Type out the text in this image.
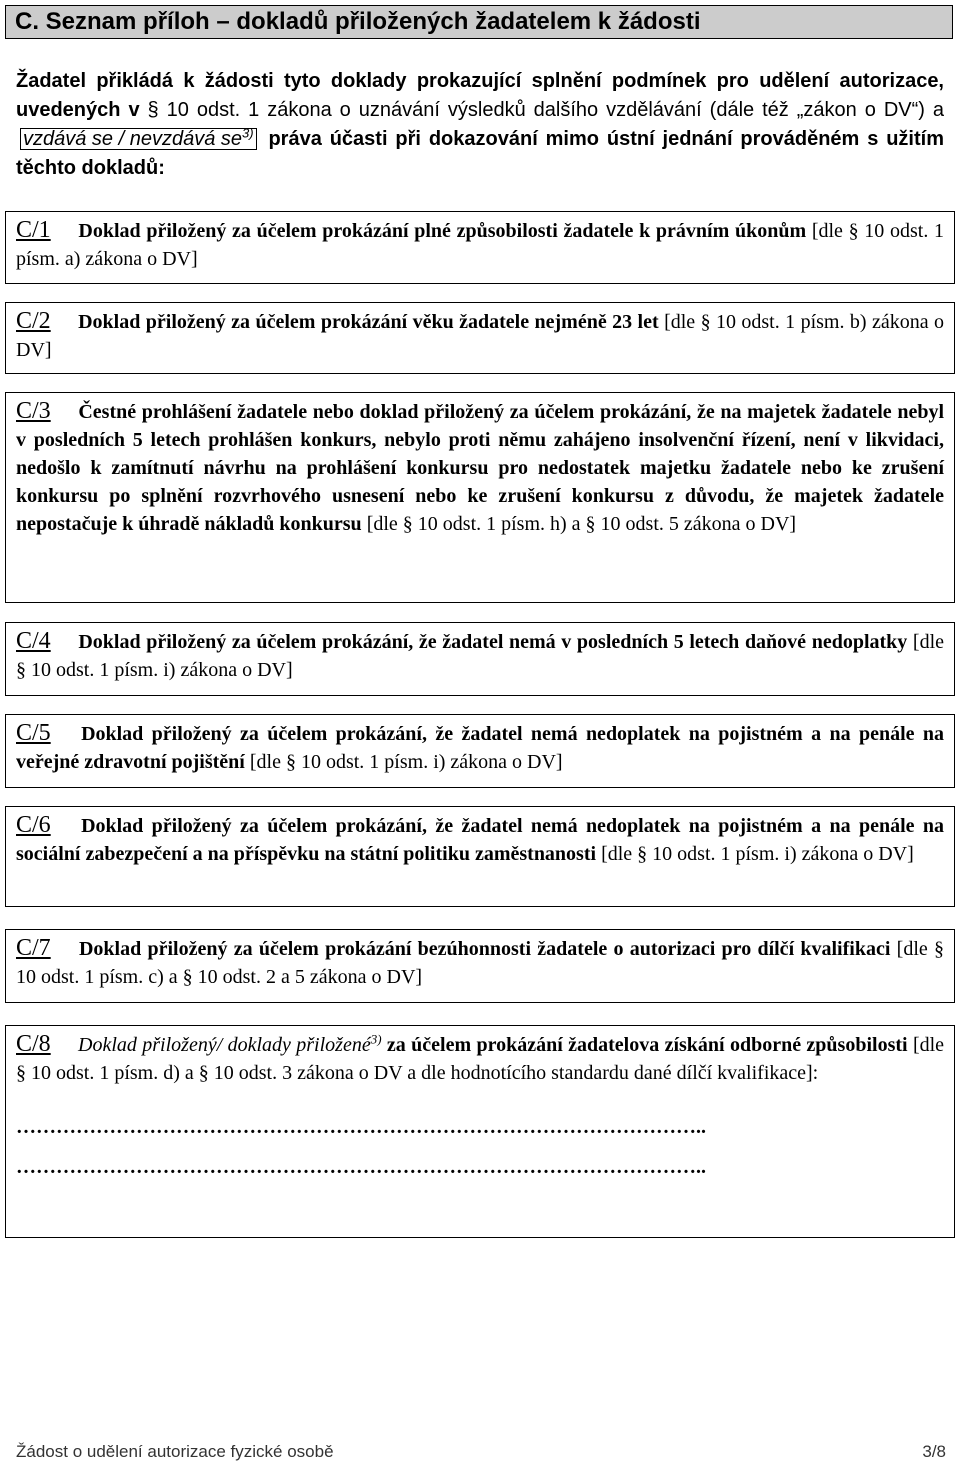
C. Seznam příloh – dokladů přiložených žadatelem k žádosti
Žadatel přikládá k žádosti tyto doklady prokazující splnění podmínek pro udělení autorizace, uvedených v § 10 odst. 1 zákona o uznávání výsledků dalšího vzdělávání (dále též „zákon o DV“) a vzdává se / nevzdává $se^{3)}$ práva účasti při dokazování mimo ústní jednání prováděném s užitím těchto dokladů:
C/1 Doklad přiložený za účelem prokázání plné způsobilosti žadatele k právním úkonům [dle § 10 odst. 1 písm. a) zákona o DV]
C/2 Doklad přiložený za účelem prokázání věku žadatele nejméně 23 let [dle § 10 odst. 1 písm. b) zákona o DV]
C/3 Čestné prohlášení žadatele nebo doklad přiložený za účelem prokázání, že na majetek žadatele nebyl v posledních 5 letech prohlášen konkurs, nebylo proti němu zahájeno insolvenční řízení, není v likvidaci, nedošlo k zamítnutí návrhu na prohlášení konkursu pro nedostatek majetku žadatele nebo ke zrušení konkursu po splnění rozvrhového usnesení nebo ke zrušení konkursu z důvodu, že majetek žadatele nepostačuje k úhradě nákladů konkursu [dle § 10 odst. 1 písm. h) a § 10 odst. 5 zákona o DV]
C/4 Doklad přiložený za účelem prokázání, že žadatel nemá v posledních 5 letech daňové nedoplatky [dle § 10 odst. 1 písm. i) zákona o DV]
C/5 Doklad přiložený za účelem prokázání, že žadatel nemá nedoplatek na pojistném a na penále na veřejné zdravotní pojištění [dle § 10 odst. 1 písm. i) zákona o DV]
C/6 Doklad přiložený za účelem prokázání, že žadatel nemá nedoplatek na pojistném a na penále na sociální zabezpečení a na příspěvku na státní politiku zaměstnanosti [dle § 10 odst. 1 písm. i) zákona o DV]
C/7 Doklad přiložený za účelem prokázání bezúhonnosti žadatele o autorizaci pro dílčí kvalifikaci [dle § 10 odst. 1 písm. c) a § 10 odst. 2 a 5 zákona o DV]
C/8 Doklad přiložený/ doklady přiložené$^{3)}$ za účelem prokázání žadatelova získání odborné způsobilosti [dle § 10 odst. 1 písm. d) a § 10 odst. 3 zákona o DV a dle hodnotícího standardu dané dílčí kvalifikace]:
…………………………………………………………………………………………..
…………………………………………………………………………………………..
Žádost o udělení autorizace fyzické osobě	3/8
